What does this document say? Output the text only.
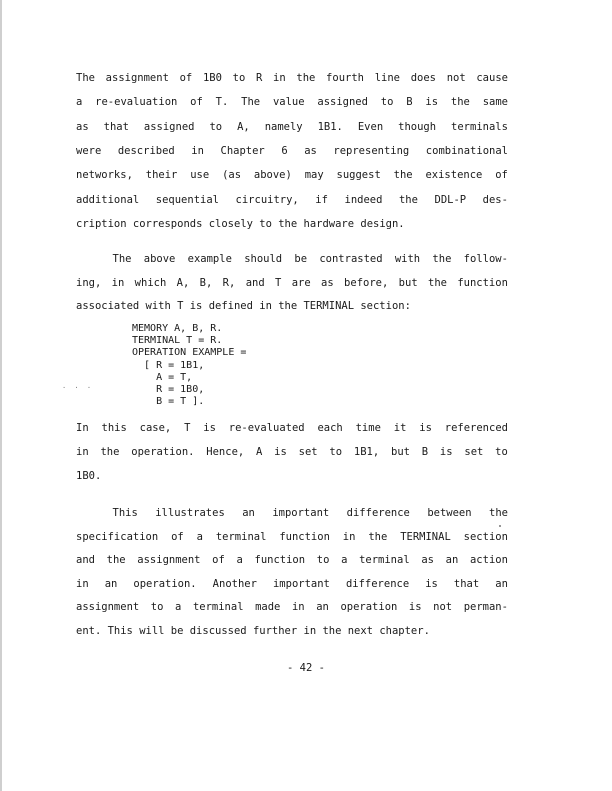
The assignment of 1B0 to R in the fourth line does not cause
a re-evaluation of T. The value assigned to B is the same
as that assigned to A, namely 1B1. Even though terminals
were described in Chapter 6 as representing combinational
networks, their use (as above) may suggest the existence of
additional sequential circuitry, if indeed the DDL-P des-
cription corresponds closely to the hardware design.
The above example should be contrasted with the follow-
ing, in which A, B, R, and T are as before, but the function
associated with T is defined in the TERMINAL section:
In this case, T is re-evaluated each time it is referenced
in the operation. Hence, A is set to 1B1, but B is set to
1B0.
This illustrates an important difference between the
specification of a terminal function in the TERMINAL section
and the assignment of a function to a terminal as an action
in an operation. Another important difference is that an
assignment to a terminal made in an operation is not perman-
ent. This will be discussed further in the next chapter.
MEMORY A, B, R.
TERMINAL T = R.
OPERATION EXAMPLE =
[ R = 1B1,
A = T,
R = 1B0,
B = T ].
· · ·
- 42 -
